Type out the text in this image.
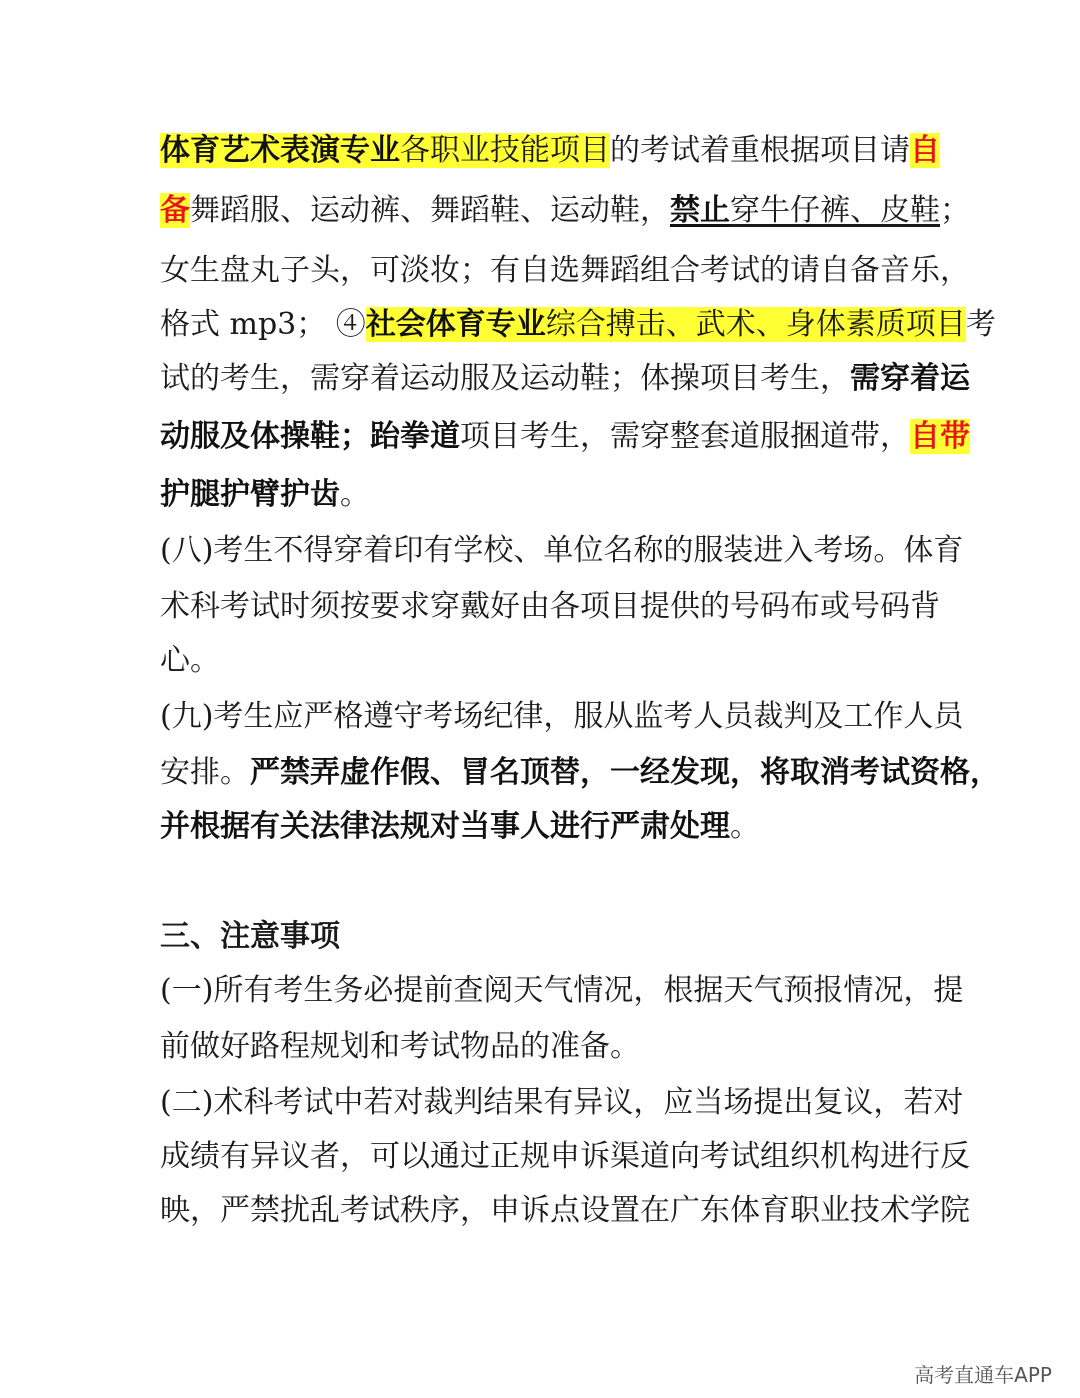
体育艺术表演专业各职业技能项目的考试着重根据项目请自
备舞蹈服、运动裤、舞蹈鞋、运动鞋，禁止穿牛仔裤、皮鞋；
女生盘丸子头，可淡妆；有自选舞蹈组合考试的请自备音乐，
格式 mp3； ④社会体育专业综合搏击、武术、身体素质项目考
试的考生，需穿着运动服及运动鞋；体操项目考生，需穿着运
动服及体操鞋；跆拳道项目考生，需穿整套道服捆道带，自带
护腿护臂护齿。
(八)考生不得穿着印有学校、单位名称的服装进入考场。体育
术科考试时须按要求穿戴好由各项目提供的号码布或号码背
心。
(九)考生应严格遵守考场纪律，服从监考人员裁判及工作人员
安排。严禁弄虚作假、冒名顶替，一经发现，将取消考试资格，
并根据有关法律法规对当事人进行严肃处理。
三、注意事项
(一)所有考生务必提前查阅天气情况，根据天气预报情况，提
前做好路程规划和考试物品的准备。
(二)术科考试中若对裁判结果有异议，应当场提出复议，若对
成绩有异议者，可以通过正规申诉渠道向考试组织机构进行反
映，严禁扰乱考试秩序，申诉点设置在广东体育职业技术学院
高考直通车APP
